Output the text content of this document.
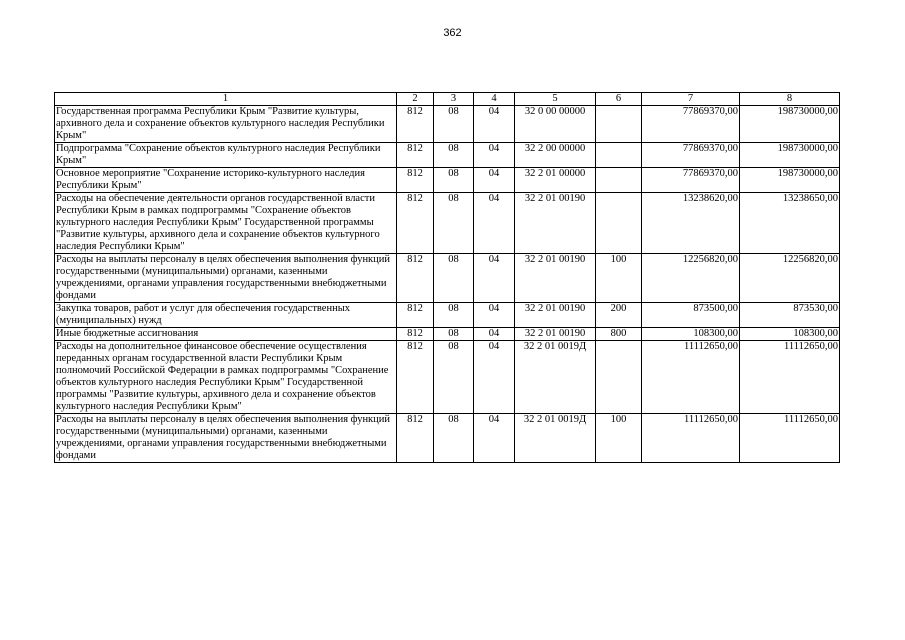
362
1	2	3	4	5	6	7	8
Государственная программа Республики Крым "Развитие культуры, архивного дела и сохранение объектов культурного наследия Республики Крым"	812	08	04	32 0 00 00000		77869370,00	198730000,00
Подпрограмма "Сохранение объектов культурного наследия Республики Крым"	812	08	04	32 2 00 00000		77869370,00	198730000,00
Основное мероприятие "Сохранение историко-культурного наследия Республики Крым"	812	08	04	32 2 01 00000		77869370,00	198730000,00
Расходы на обеспечение деятельности органов государственной власти Республики Крым в рамках подпрограммы "Сохранение объектов культурного наследия Республики Крым" Государственной программы "Развитие культуры, архивного дела и сохранение объектов культурного наследия Республики Крым"	812	08	04	32 2 01 00190		13238620,00	13238650,00
Расходы на выплаты персоналу в целях обеспечения выполнения функций государственными (муниципальными) органами, казенными учреждениями, органами управления государственными внебюджетными фондами	812	08	04	32 2 01 00190	100	12256820,00	12256820,00
Закупка товаров, работ и услуг для обеспечения государственных (муниципальных) нужд	812	08	04	32 2 01 00190	200	873500,00	873530,00
Иные бюджетные ассигнования	812	08	04	32 2 01 00190	800	108300,00	108300,00
Расходы на дополнительное финансовое обеспечение осуществления переданных органам государственной власти Республики Крым полномочий Российской Федерации в рамках подпрограммы "Сохранение объектов культурного наследия Республики Крым" Государственной программы "Развитие культуры, архивного дела и сохранение объектов культурного наследия Республики Крым"	812	08	04	32 2 01 0019Д		11112650,00	11112650,00
Расходы на выплаты персоналу в целях обеспечения выполнения функций государственными (муниципальными) органами, казенными учреждениями, органами управления государственными внебюджетными фондами	812	08	04	32 2 01 0019Д	100	11112650,00	11112650,00
